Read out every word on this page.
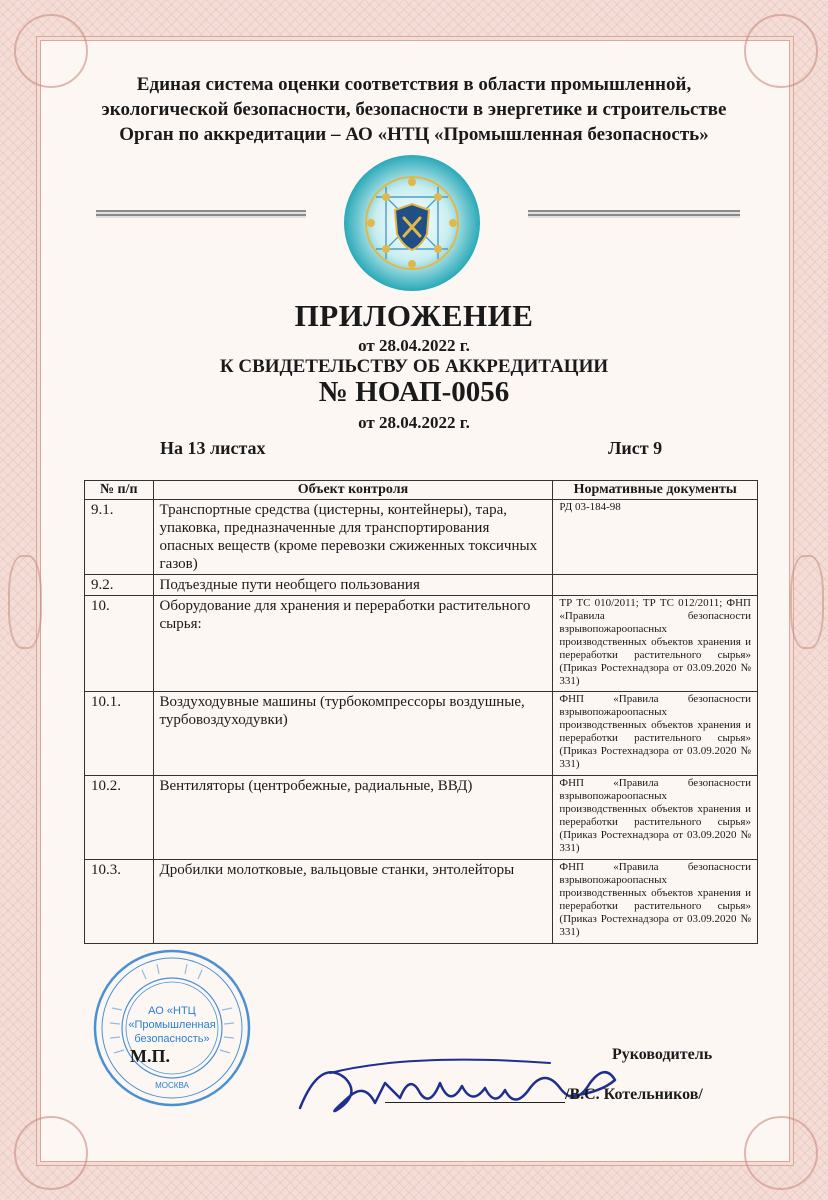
Единая система оценки соответствия в области промышленной,
экологической безопасности, безопасности в энергетике и строительстве
Орган по аккредитации – АО «НТЦ «Промышленная безопасность»
ПРИЛОЖЕНИЕ
от 28.04.2022 г.
К СВИДЕТЕЛЬСТВУ ОБ АККРЕДИТАЦИИ
№ НОАП-0056
от 28.04.2022 г.
На 13 листах	Лист 9
№ п/п	Объект контроля	Нормативные документы
9.1.	Транспортные средства (цистерны, контейнеры), тара, упаковка, предназначенные для транспортирования опасных веществ (кроме перевозки сжиженных токсичных газов)	РД 03-184-98
9.2.	Подъездные пути необщего пользования	
10.	Оборудование для хранения и переработки растительного сырья:	ТР ТС 010/2011; ТР ТС 012/2011; ФНП «Правила безопасности взрывопожароопасных производственных объектов хранения и переработки растительного сырья» (Приказ Ростехнадзора от 03.09.2020 № 331)
10.1.	Воздуходувные машины (турбокомпрессоры воздушные, турбовоздуходувки)	ФНП «Правила безопасности взрывопожароопасных производственных объектов хранения и переработки растительного сырья» (Приказ Ростехнадзора от 03.09.2020 № 331)
10.2.	Вентиляторы (центробежные, радиальные, ВВД)	ФНП «Правила безопасности взрывопожароопасных производственных объектов хранения и переработки растительного сырья» (Приказ Ростехнадзора от 03.09.2020 № 331)
10.3.	Дробилки молотковые, вальцовые станки, энтолейторы	ФНП «Правила безопасности взрывопожароопасных производственных объектов хранения и переработки растительного сырья» (Приказ Ростехнадзора от 03.09.2020 № 331)
АО «НТЦ
«Промышленная
безопасность»
МОСКВА
М.П.	Руководитель
/В.С. Котельников/
